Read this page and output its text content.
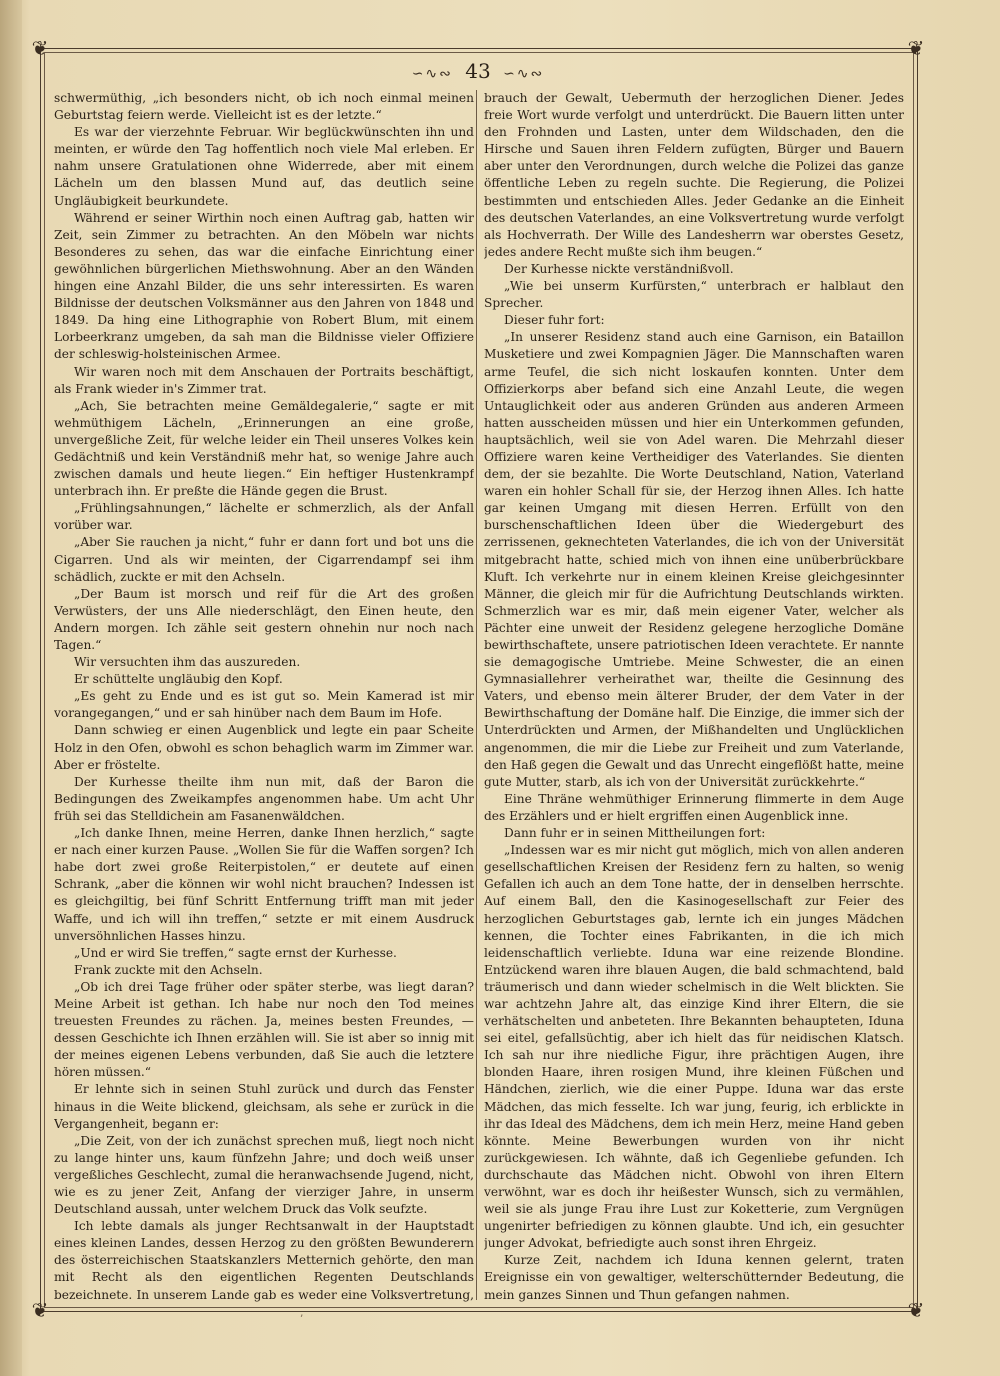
❦	❦
❦	❦
∽∿∾ 43 ∽∿∾

schwermüthig, „ich besonders nicht, ob ich noch einmal meinen Geburtstag feiern werde. Vielleicht ist es der letzte.“

Es war der vierzehnte Februar. Wir beglückwünschten ihn und meinten, er würde den Tag hoffentlich noch viele Mal erleben. Er nahm unsere Gratulationen ohne Widerrede, aber mit einem Lächeln um den blassen Mund auf, das deutlich seine Ungläubigkeit beurkundete.

Während er seiner Wirthin noch einen Auftrag gab, hatten wir Zeit, sein Zimmer zu betrachten. An den Möbeln war nichts Besonderes zu sehen, das war die einfache Einrichtung einer gewöhnlichen bürgerlichen Miethswohnung. Aber an den Wänden hingen eine Anzahl Bilder, die uns sehr interessirten. Es waren Bildnisse der deutschen Volksmänner aus den Jahren von 1848 und 1849. Da hing eine Lithographie von Robert Blum, mit einem Lorbeerkranz umgeben, da sah man die Bildnisse vieler Offiziere der schleswig-holsteinischen Armee.

Wir waren noch mit dem Anschauen der Portraits beschäftigt, als Frank wieder in's Zimmer trat.

„Ach, Sie betrachten meine Gemäldegalerie,“ sagte er mit wehmüthigem Lächeln, „Erinnerungen an eine große, unvergeßliche Zeit, für welche leider ein Theil unseres Volkes kein Gedächtniß und kein Verständniß mehr hat, so wenige Jahre auch zwischen damals und heute liegen.“ Ein heftiger Hustenkrampf unterbrach ihn. Er preßte die Hände gegen die Brust.

„Frühlingsahnungen,“ lächelte er schmerzlich, als der Anfall vorüber war.

„Aber Sie rauchen ja nicht,“ fuhr er dann fort und bot uns die Cigarren. Und als wir meinten, der Cigarrendampf sei ihm schädlich, zuckte er mit den Achseln.

„Der Baum ist morsch und reif für die Art des großen Verwüsters, der uns Alle niederschlägt, den Einen heute, den Andern morgen. Ich zähle seit gestern ohnehin nur noch nach Tagen.“

Wir versuchten ihm das auszureden.

Er schüttelte ungläubig den Kopf.

„Es geht zu Ende und es ist gut so. Mein Kamerad ist mir vorangegangen,“ und er sah hinüber nach dem Baum im Hofe.

Dann schwieg er einen Augenblick und legte ein paar Scheite Holz in den Ofen, obwohl es schon behaglich warm im Zimmer war. Aber er fröstelte.

Der Kurhesse theilte ihm nun mit, daß der Baron die Bedingungen des Zweikampfes angenommen habe. Um acht Uhr früh sei das Stelldichein am Fasanenwäldchen.

„Ich danke Ihnen, meine Herren, danke Ihnen herzlich,“ sagte er nach einer kurzen Pause. „Wollen Sie für die Waffen sorgen? Ich habe dort zwei große Reiterpistolen,“ er deutete auf einen Schrank, „aber die können wir wohl nicht brauchen? Indessen ist es gleichgiltig, bei fünf Schritt Entfernung trifft man mit jeder Waffe, und ich will ihn treffen,“ setzte er mit einem Ausdruck unversöhnlichen Hasses hinzu.

„Und er wird Sie treffen,“ sagte ernst der Kurhesse.

Frank zuckte mit den Achseln.

„Ob ich drei Tage früher oder später sterbe, was liegt daran? Meine Arbeit ist gethan. Ich habe nur noch den Tod meines treuesten Freundes zu rächen. Ja, meines besten Freundes, — dessen Geschichte ich Ihnen erzählen will. Sie ist aber so innig mit der meines eigenen Lebens verbunden, daß Sie auch die letztere hören müssen.“

Er lehnte sich in seinen Stuhl zurück und durch das Fenster hinaus in die Weite blickend, gleichsam, als sehe er zurück in die Vergangenheit, begann er:

„Die Zeit, von der ich zunächst sprechen muß, liegt noch nicht zu lange hinter uns, kaum fünfzehn Jahre; und doch weiß unser vergeßliches Geschlecht, zumal die heranwachsende Jugend, nicht, wie es zu jener Zeit, Anfang der vierziger Jahre, in unserm Deutschland aussah, unter welchem Druck das Volk seufzte.

Ich lebte damals als junger Rechtsanwalt in der Hauptstadt eines kleinen Landes, dessen Herzog zu den größten Bewunderern des österreichischen Staatskanzlers Metternich gehörte, den man mit Recht als den eigentlichen Regenten Deutschlands bezeichnete. In unserem Lande gab es weder eine Volksvertretung,

brauch der Gewalt, Uebermuth der herzoglichen Diener. Jedes freie Wort wurde verfolgt und unterdrückt. Die Bauern litten unter den Frohnden und Lasten, unter dem Wildschaden, den die Hirsche und Sauen ihren Feldern zufügten, Bürger und Bauern aber unter den Verordnungen, durch welche die Polizei das ganze öffentliche Leben zu regeln suchte. Die Regierung, die Polizei bestimmten und entschieden Alles. Jeder Gedanke an die Einheit des deutschen Vaterlandes, an eine Volksvertretung wurde verfolgt als Hochverrath. Der Wille des Landesherrn war oberstes Gesetz, jedes andere Recht mußte sich ihm beugen.“

Der Kurhesse nickte verständnißvoll.

„Wie bei unserm Kurfürsten,“ unterbrach er halblaut den Sprecher.

Dieser fuhr fort:

„In unserer Residenz stand auch eine Garnison, ein Bataillon Musketiere und zwei Kompagnien Jäger. Die Mannschaften waren arme Teufel, die sich nicht loskaufen konnten. Unter dem Offizierkorps aber befand sich eine Anzahl Leute, die wegen Untauglichkeit oder aus anderen Gründen aus anderen Armeen hatten ausscheiden müssen und hier ein Unterkommen gefunden, hauptsächlich, weil sie von Adel waren. Die Mehrzahl dieser Offiziere waren keine Vertheidiger des Vaterlandes. Sie dienten dem, der sie bezahlte. Die Worte Deutschland, Nation, Vaterland waren ein hohler Schall für sie, der Herzog ihnen Alles. Ich hatte gar keinen Umgang mit diesen Herren. Erfüllt von den burschenschaftlichen Ideen über die Wiedergeburt des zerrissenen, geknechteten Vaterlandes, die ich von der Universität mitgebracht hatte, schied mich von ihnen eine unüberbrückbare Kluft. Ich verkehrte nur in einem kleinen Kreise gleichgesinnter Männer, die gleich mir für die Aufrichtung Deutschlands wirkten. Schmerzlich war es mir, daß mein eigener Vater, welcher als Pächter eine unweit der Residenz gelegene herzogliche Domäne bewirthschaftete, unsere patriotischen Ideen verachtete. Er nannte sie demagogische Umtriebe. Meine Schwester, die an einen Gymnasiallehrer verheirathet war, theilte die Gesinnung des Vaters, und ebenso mein älterer Bruder, der dem Vater in der Bewirthschaftung der Domäne half. Die Einzige, die immer sich der Unterdrückten und Armen, der Mißhandelten und Unglücklichen angenommen, die mir die Liebe zur Freiheit und zum Vaterlande, den Haß gegen die Gewalt und das Unrecht eingeflößt hatte, meine gute Mutter, starb, als ich von der Universität zurückkehrte.“

Eine Thräne wehmüthiger Erinnerung flimmerte in dem Auge des Erzählers und er hielt ergriffen einen Augenblick inne.

Dann fuhr er in seinen Mittheilungen fort:

„Indessen war es mir nicht gut möglich, mich von allen anderen gesellschaftlichen Kreisen der Residenz fern zu halten, so wenig Gefallen ich auch an dem Tone hatte, der in denselben herrschte. Auf einem Ball, den die Kasinogesellschaft zur Feier des herzoglichen Geburtstages gab, lernte ich ein junges Mädchen kennen, die Tochter eines Fabrikanten, in die ich mich leidenschaftlich verliebte. Iduna war eine reizende Blondine. Entzückend waren ihre blauen Augen, die bald schmachtend, bald träumerisch und dann wieder schelmisch in die Welt blickten. Sie war achtzehn Jahre alt, das einzige Kind ihrer Eltern, die sie verhätschelten und anbeteten. Ihre Bekannten behaupteten, Iduna sei eitel, gefallsüchtig, aber ich hielt das für neidischen Klatsch. Ich sah nur ihre niedliche Figur, ihre prächtigen Augen, ihre blonden Haare, ihren rosigen Mund, ihre kleinen Füßchen und Händchen, zierlich, wie die einer Puppe. Iduna war das erste Mädchen, das mich fesselte. Ich war jung, feurig, ich erblickte in ihr das Ideal des Mädchens, dem ich mein Herz, meine Hand geben könnte. Meine Bewerbungen wurden von ihr nicht zurückgewiesen. Ich wähnte, daß ich Gegenliebe gefunden. Ich durchschaute das Mädchen nicht. Obwohl von ihren Eltern verwöhnt, war es doch ihr heißester Wunsch, sich zu vermählen, weil sie als junge Frau ihre Lust zur Koketterie, zum Vergnügen ungenirter befriedigen zu können glaubte. Und ich, ein gesuchter junger Advokat, befriedigte auch sonst ihren Ehrgeiz.

Kurze Zeit, nachdem ich Iduna kennen gelernt, traten Ereignisse ein von gewaltiger, welterschütternder Bedeutung, die mein ganzes Sinnen und Thun gefangen nahmen.

’
